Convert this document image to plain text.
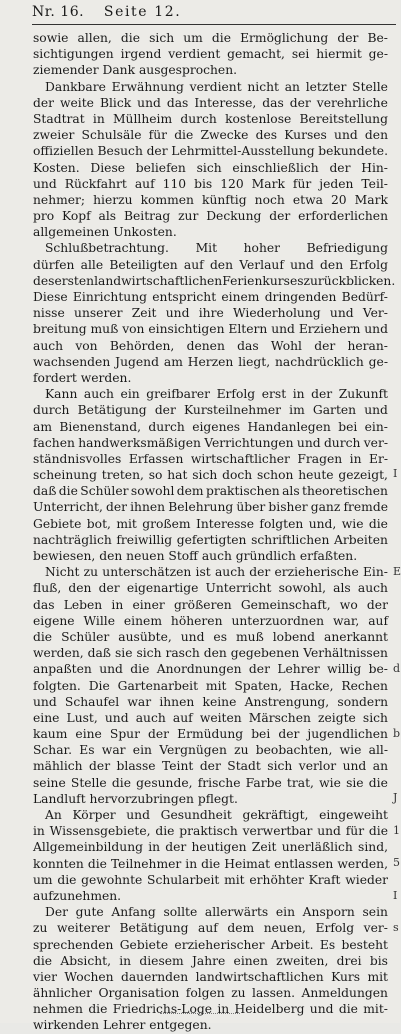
Nr. 16. Seite 12.

sowie allen, die sich um die Ermöglichung der Be-
sichtigungen irgend verdient gemacht, sei hiermit ge-
ziemender Dank ausgesprochen.

Dankbare Erwähnung verdient nicht an letzter Stelle
der weite Blick und das Interesse, das der verehrliche
Stadtrat in Müllheim durch kostenlose Bereitstellung
zweier Schulsäle für die Zwecke des Kurses und den
offiziellen Besuch der Lehrmittel-Ausstellung bekundete.
Kosten. Diese beliefen sich einschließlich der Hin-
und Rückfahrt auf 110 bis 120 Mark für jeden Teil-
nehmer; hierzu kommen künftig noch etwa 20 Mark
pro Kopf als Beitrag zur Deckung der erforderlichen
allgemeinen Unkosten.

Schlußbetrachtung. Mit hoher Befriedigung
dürfen alle Beteiligten auf den Verlauf und den Erfolg
des ersten landwirtschaftlichen Ferienkurses zurückblicken.
Diese Einrichtung entspricht einem dringenden Bedürf-
nisse unserer Zeit und ihre Wiederholung und Ver-
breitung muß von einsichtigen Eltern und Erziehern und
auch von Behörden, denen das Wohl der heran-
wachsenden Jugend am Herzen liegt, nachdrücklich ge-
fordert werden.

Kann auch ein greifbarer Erfolg erst in der Zukunft
durch Betätigung der Kursteilnehmer im Garten und
am Bienenstand, durch eigenes Handanlegen bei ein-
fachen handwerksmäßigen Verrichtungen und durch ver-
ständnisvolles Erfassen wirtschaftlicher Fragen in Er-
scheinung treten, so hat sich doch schon heute gezeigt,
daß die Schüler sowohl dem praktischen als theoretischen
Unterricht, der ihnen Belehrung über bisher ganz fremde
Gebiete bot, mit großem Interesse folgten und, wie die
nachträglich freiwillig gefertigten schriftlichen Arbeiten
bewiesen, den neuen Stoff auch gründlich erfaßten.

Nicht zu unterschätzen ist auch der erzieherische Ein-
fluß, den der eigenartige Unterricht sowohl, als auch
das Leben in einer größeren Gemeinschaft, wo der
eigene Wille einem höheren unterzuordnen war, auf
die Schüler ausübte, und es muß lobend anerkannt
werden, daß sie sich rasch den gegebenen Verhältnissen
anpaßten und die Anordnungen der Lehrer willig be-
folgten. Die Gartenarbeit mit Spaten, Hacke, Rechen
und Schaufel war ihnen keine Anstrengung, sondern
eine Lust, und auch auf weiten Märschen zeigte sich
kaum eine Spur der Ermüdung bei der jugendlichen
Schar. Es war ein Vergnügen zu beobachten, wie all-
mählich der blasse Teint der Stadt sich verlor und an
seine Stelle die gesunde, frische Farbe trat, wie sie die
Landluft hervorzubringen pflegt.

An Körper und Gesundheit gekräftigt, eingeweiht
in Wissensgebiete, die praktisch verwertbar und für die
Allgemeinbildung in der heutigen Zeit unerläßlich sind,
konnten die Teilnehmer in die Heimat entlassen werden,
um die gewohnte Schularbeit mit erhöhter Kraft wieder
aufzunehmen.

Der gute Anfang sollte allerwärts ein Ansporn sein
zu weiterer Betätigung auf dem neuen, Erfolg ver-
sprechenden Gebiete erzieherischer Arbeit. Es besteht
die Absicht, in diesem Jahre einen zweiten, drei bis
vier Wochen dauernden landwirtschaftlichen Kurs mit
ähnlicher Organisation folgen zu lassen. Anmeldungen
nehmen die Friedrichs-Loge in Heidelberg und die mit-
wirkenden Lehrer entgegen.

I
E
d
b
J
1
5
I
s
